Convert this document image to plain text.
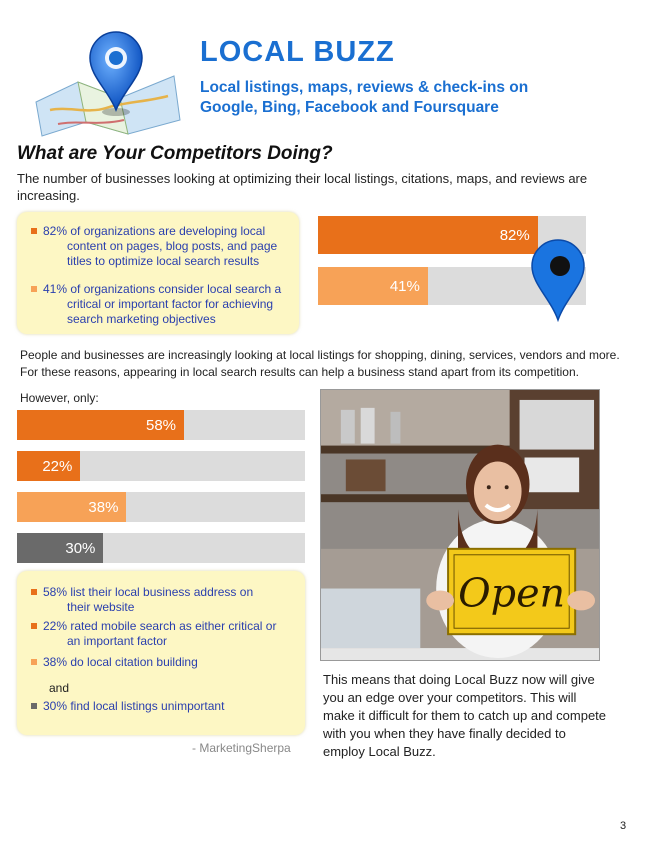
LOCAL BUZZ
Local listings, maps, reviews & check-ins on
Google, Bing, Facebook and Foursquare
What are Your Competitors Doing?
The number of businesses looking at optimizing their local listings, citations, maps, and reviews are increasing.
82% of organizations are developing local
content on pages, blog posts, and page
titles to optimize local search results
41% of organizations consider local search a
critical or important factor for achieving
search marketing objectives
82%
41%
People and businesses are increasingly looking at local listings for shopping, dining, services, vendors and more. For these reasons, appearing in local search results can help a business stand apart from its competition.
However, only:
58%
22%
38%
30%
Open
58% list their local business address on
their website
22% rated mobile search as either critical or
an important factor
38% do local citation building
and
30% find local listings unimportant
- MarketingSherpa
This means that doing Local Buzz now will give you an edge over your competitors. This will make it difficult for them to catch up and compete with you when they have finally decided to employ Local Buzz.
3
